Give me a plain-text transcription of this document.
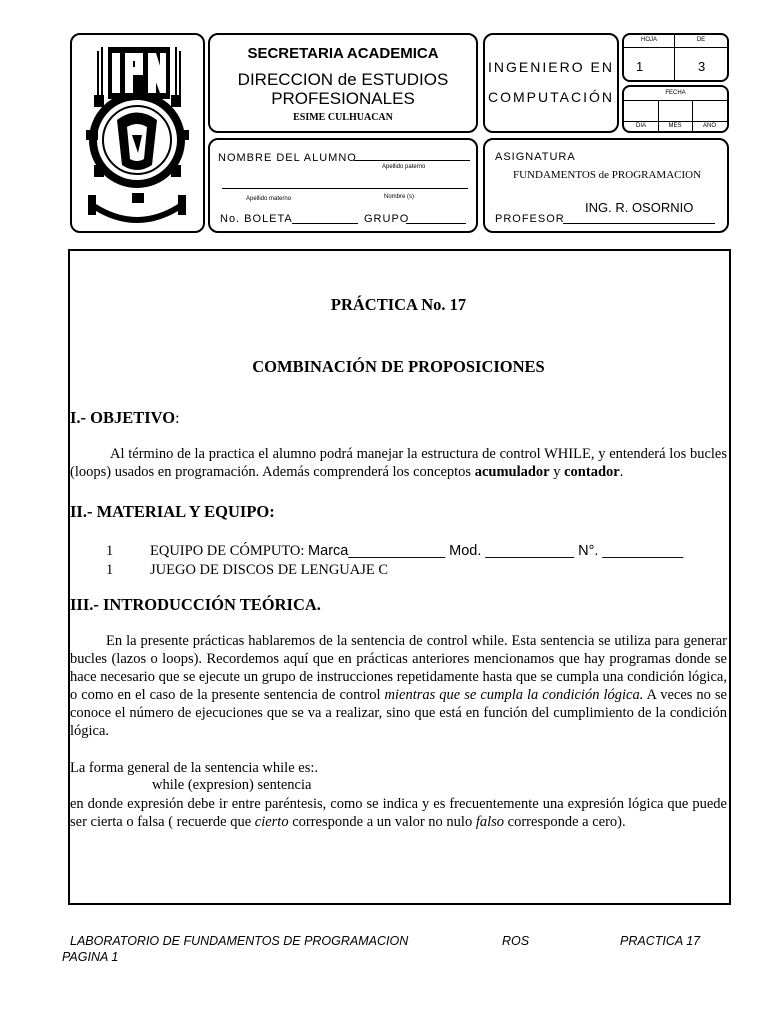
SECRETARIA ACADEMICA
DIRECCION de ESTUDIOS
PROFESIONALES
ESIME CULHUACAN
INGENIERO EN
COMPUTACIÓN
HOJA	DE
1	3
FECHA
DIA	MES	AÑO
NOMBRE DEL ALUMNO
Apellido paterno
Apellido materno	Nombre (s)
No. BOLETA	GRUPO
ASIGNATURA
FUNDAMENTOS de PROGRAMACION
ING. R. OSORNIO
PROFESOR
PRÁCTICA No. 17
COMBINACIÓN DE PROPOSICIONES
I.- OBJETIVO:
Al término de la practica el alumno podrá manejar la estructura de control WHILE, y entenderá los bucles (loops) usados en programación. Además comprenderá los conceptos acumulador y contador.
II.- MATERIAL Y EQUIPO:
1	EQUIPO DE CÓMPUTO: Marca____________ Mod. ___________ N°. __________
1	JUEGO DE DISCOS DE LENGUAJE C
III.- INTRODUCCIÓN TEÓRICA.
En la presente prácticas hablaremos de la sentencia de control while. Esta sentencia se utiliza para generar bucles (lazos o loops). Recordemos aquí que en prácticas anteriores mencionamos que hay programas donde se hace necesario que se ejecute un grupo de instrucciones repetidamente hasta que se cumpla una condición lógica, o como en el caso de la presente sentencia de control mientras que se cumpla la condición lógica. A veces no se conoce el número de ejecuciones que se va a realizar, sino que está en función del cumplimiento de la condición lógica.
La forma general de la sentencia while es:.
while (expresion) sentencia
en donde expresión debe ir entre paréntesis, como se indica y es frecuentemente una expresión lógica que puede ser cierta o falsa ( recuerde que cierto corresponde a un valor no nulo falso corresponde a cero).
LABORATORIO DE FUNDAMENTOS DE PROGRAMACION	ROS	PRACTICA 17
PAGINA 1
